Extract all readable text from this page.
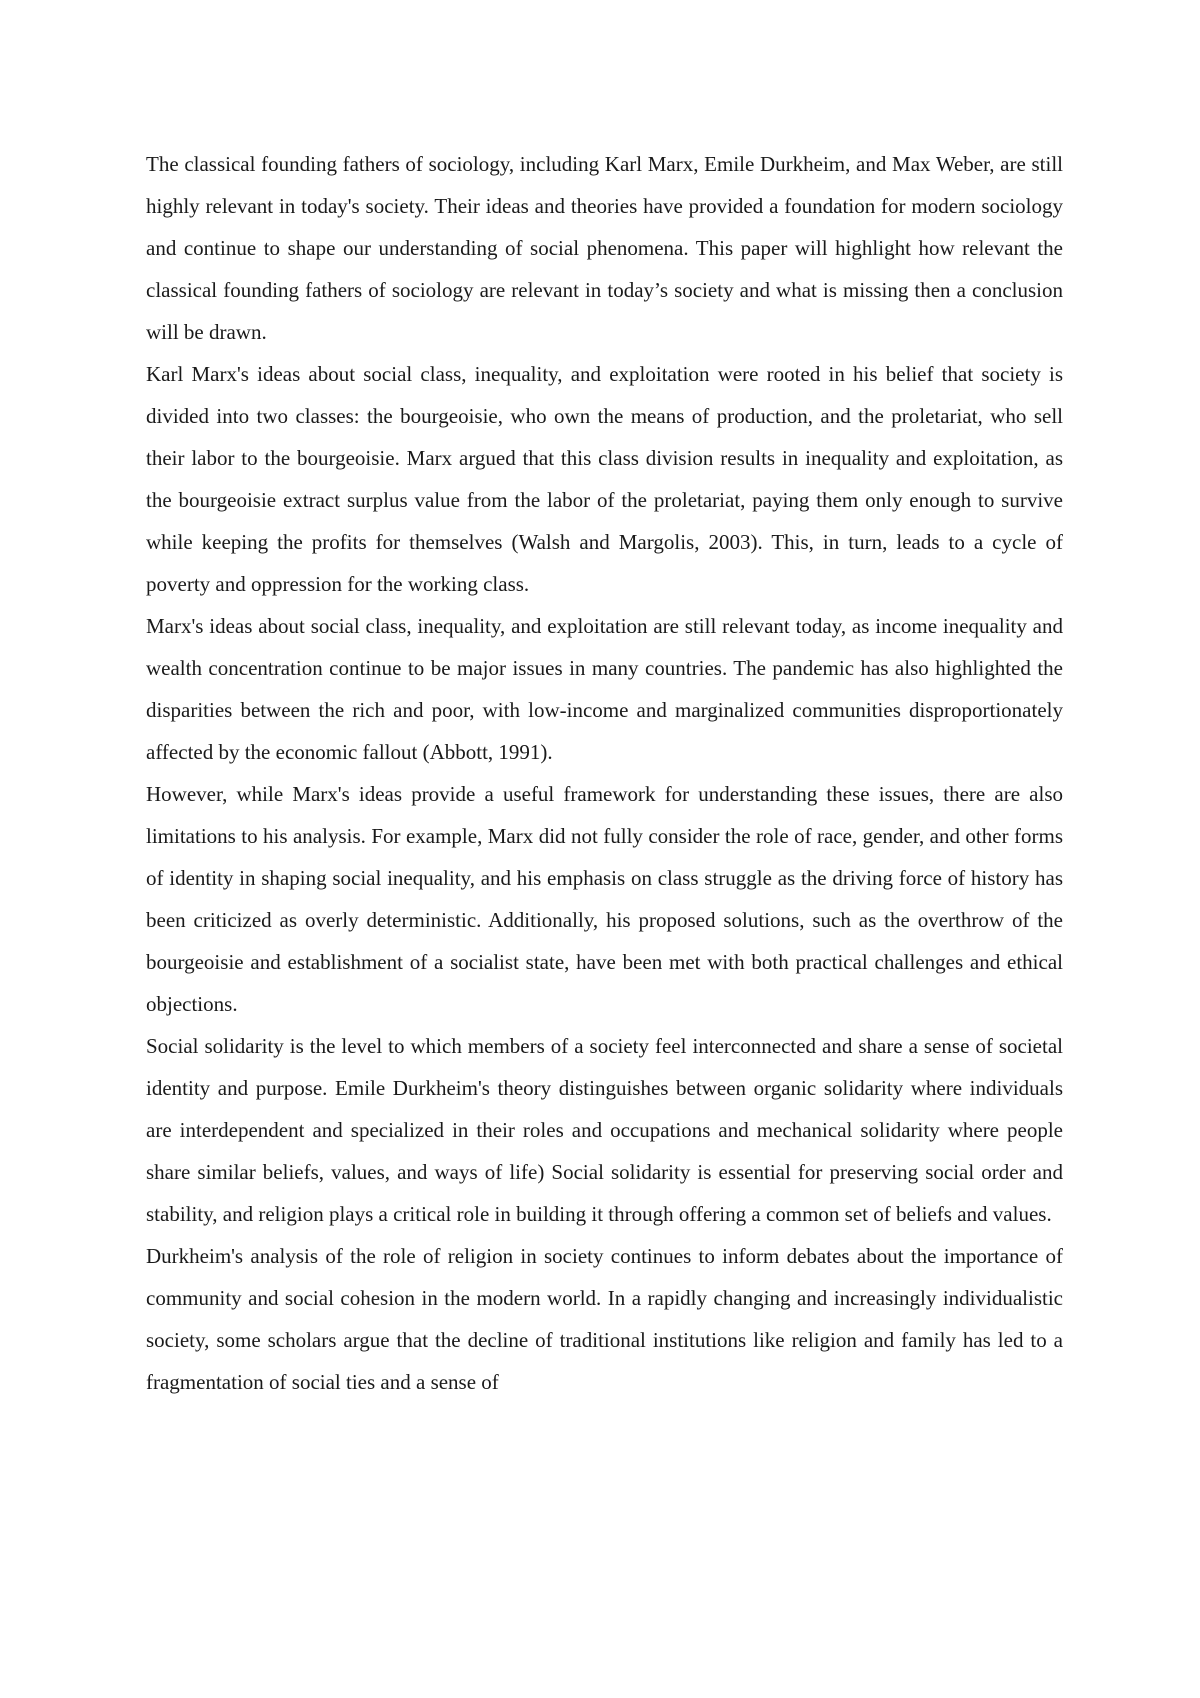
The classical founding fathers of sociology, including Karl Marx, Emile Durkheim, and Max Weber, are still highly relevant in today's society. Their ideas and theories have provided a foundation for modern sociology and continue to shape our understanding of social phenomena. This paper will highlight how relevant the classical founding fathers of sociology are relevant in today’s society and what is missing then a conclusion will be drawn.

Karl Marx's ideas about social class, inequality, and exploitation were rooted in his belief that society is divided into two classes: the bourgeoisie, who own the means of production, and the proletariat, who sell their labor to the bourgeoisie. Marx argued that this class division results in inequality and exploitation, as the bourgeoisie extract surplus value from the labor of the proletariat, paying them only enough to survive while keeping the profits for themselves (Walsh and Margolis, 2003). This, in turn, leads to a cycle of poverty and oppression for the working class.

Marx's ideas about social class, inequality, and exploitation are still relevant today, as income inequality and wealth concentration continue to be major issues in many countries. The pandemic has also highlighted the disparities between the rich and poor, with low-income and marginalized communities disproportionately affected by the economic fallout (Abbott, 1991).

However, while Marx's ideas provide a useful framework for understanding these issues, there are also limitations to his analysis. For example, Marx did not fully consider the role of race, gender, and other forms of identity in shaping social inequality, and his emphasis on class struggle as the driving force of history has been criticized as overly deterministic. Additionally, his proposed solutions, such as the overthrow of the bourgeoisie and establishment of a socialist state, have been met with both practical challenges and ethical objections.

Social solidarity is the level to which members of a society feel interconnected and share a sense of societal identity and purpose. Emile Durkheim's theory distinguishes between organic solidarity where individuals are interdependent and specialized in their roles and occupations and mechanical solidarity where people share similar beliefs, values, and ways of life) Social solidarity is essential for preserving social order and stability, and religion plays a critical role in building it through offering a common set of beliefs and values.

Durkheim's analysis of the role of religion in society continues to inform debates about the importance of community and social cohesion in the modern world. In a rapidly changing and increasingly individualistic society, some scholars argue that the decline of traditional institutions like religion and family has led to a fragmentation of social ties and a sense of
